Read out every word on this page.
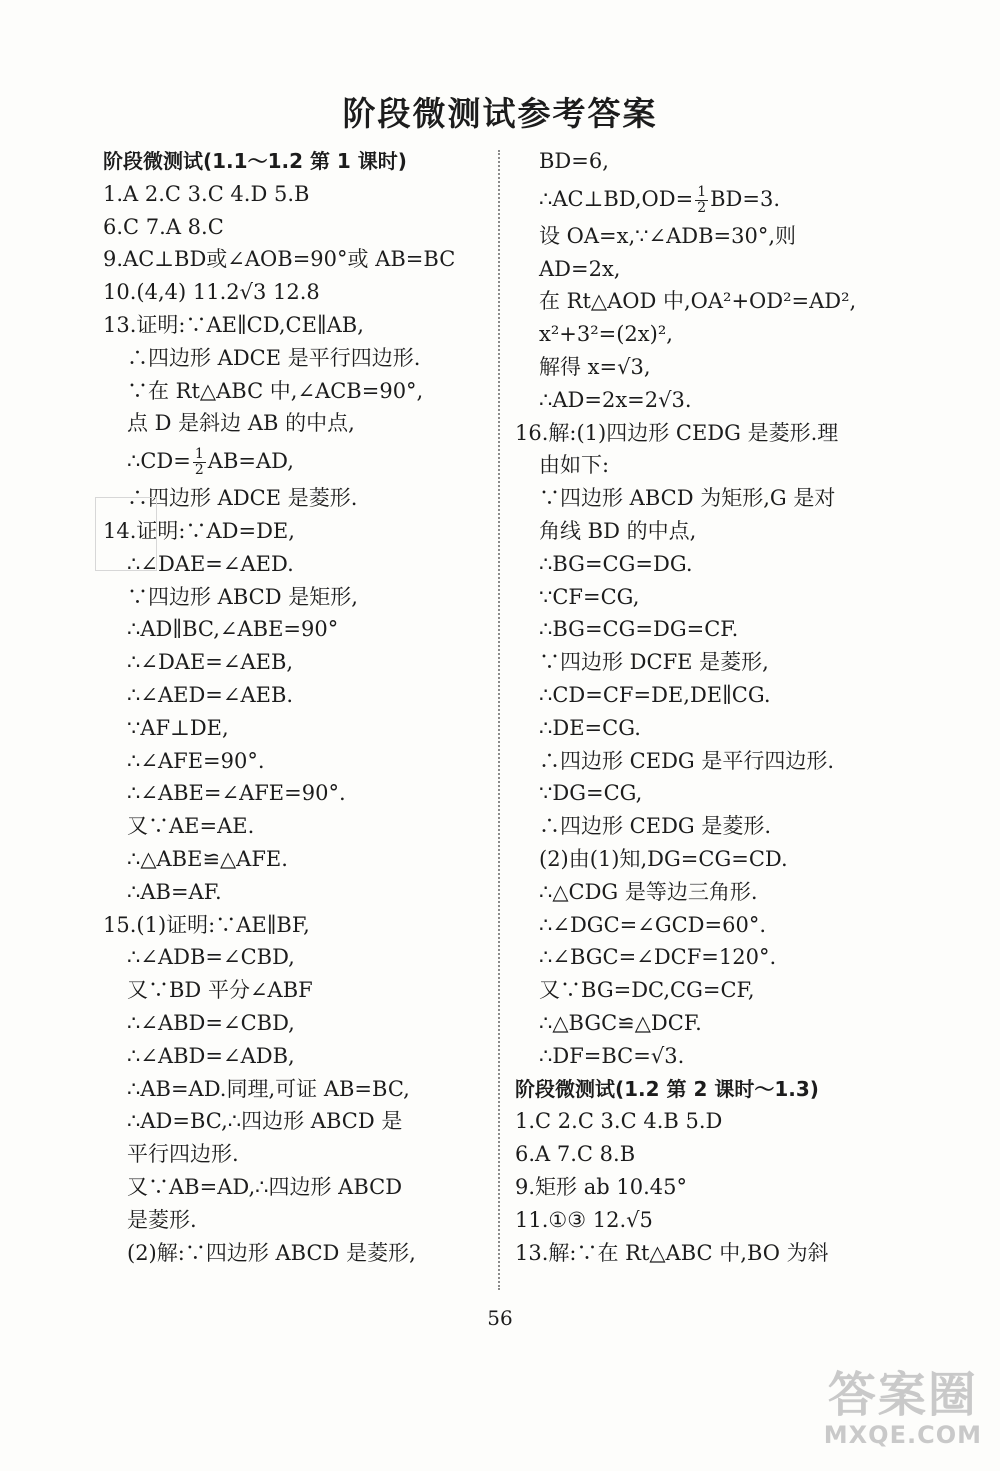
阶段微测试参考答案
阶段微测试(1.1～1.2 第 1 课时)
1.A 2.C 3.C 4.D 5.B
6.C 7.A 8.C
9.AC⊥BD或∠AOB=90°或 AB=BC
10.(4,4) 11.2√3 12.8
13.证明:∵AE∥CD,CE∥AB,
∴四边形 ADCE 是平行四边形.
∵在 Rt△ABC 中,∠ACB=90°,
点 D 是斜边 AB 的中点,
∴CD= $\frac{1}{2} AB=AD$,
∴四边形 ADCE 是菱形.
14.证明:∵AD=DE,
∴∠DAE=∠AED.
∵四边形 ABCD 是矩形,
∴AD∥BC,∠ABE=90°
∴∠DAE=∠AEB,
∴∠AED=∠AEB.
∵AF⊥DE,
∴∠AFE=90°.
∴∠ABE=∠AFE=90°.
又∵AE=AE.
∴△ABE≌△AFE.
∴AB=AF.
15.(1)证明:∵AE∥BF,
∴∠ADB=∠CBD,
又∵BD 平分∠ABF
∴∠ABD=∠CBD,
∴∠ABD=∠ADB,
∴AB=AD.同理,可证 AB=BC,
∴AD=BC,∴四边形 ABCD 是
平行四边形.
又∵AB=AD,∴四边形 ABCD
是菱形.
(2)解:∵四边形 ABCD 是菱形,
BD=6,
∴AC⊥BD,OD= $\frac{1}{2} BD=3$.
设 OA=x,∵∠ADB=30°,则
AD=2x,
在 Rt△AOD 中,OA²+OD²=AD²,
x²+3²=(2x)²,
解得 x=√3,
∴AD=2x=2√3.
16.解:(1)四边形 CEDG 是菱形.理
由如下:
∵四边形 ABCD 为矩形,G 是对
角线 BD 的中点,
∴BG=CG=DG.
∵CF=CG,
∴BG=CG=DG=CF.
∵四边形 DCFE 是菱形,
∴CD=CF=DE,DE∥CG.
∴DE=CG.
∴四边形 CEDG 是平行四边形.
∵DG=CG,
∴四边形 CEDG 是菱形.
(2)由(1)知,DG=CG=CD.
∴△CDG 是等边三角形.
∴∠DGC=∠GCD=60°.
∴∠BGC=∠DCF=120°.
又∵BG=DC,CG=CF,
∴△BGC≌△DCF.
∴DF=BC=√3.
阶段微测试(1.2 第 2 课时～1.3)
1.C 2.C 3.C 4.B 5.D
6.A 7.C 8.B
9.矩形 ab 10.45°
11.①③ 12.√5
13.解:∵在 Rt△ABC 中,BO 为斜
56
答案圈
MXQE.COM
